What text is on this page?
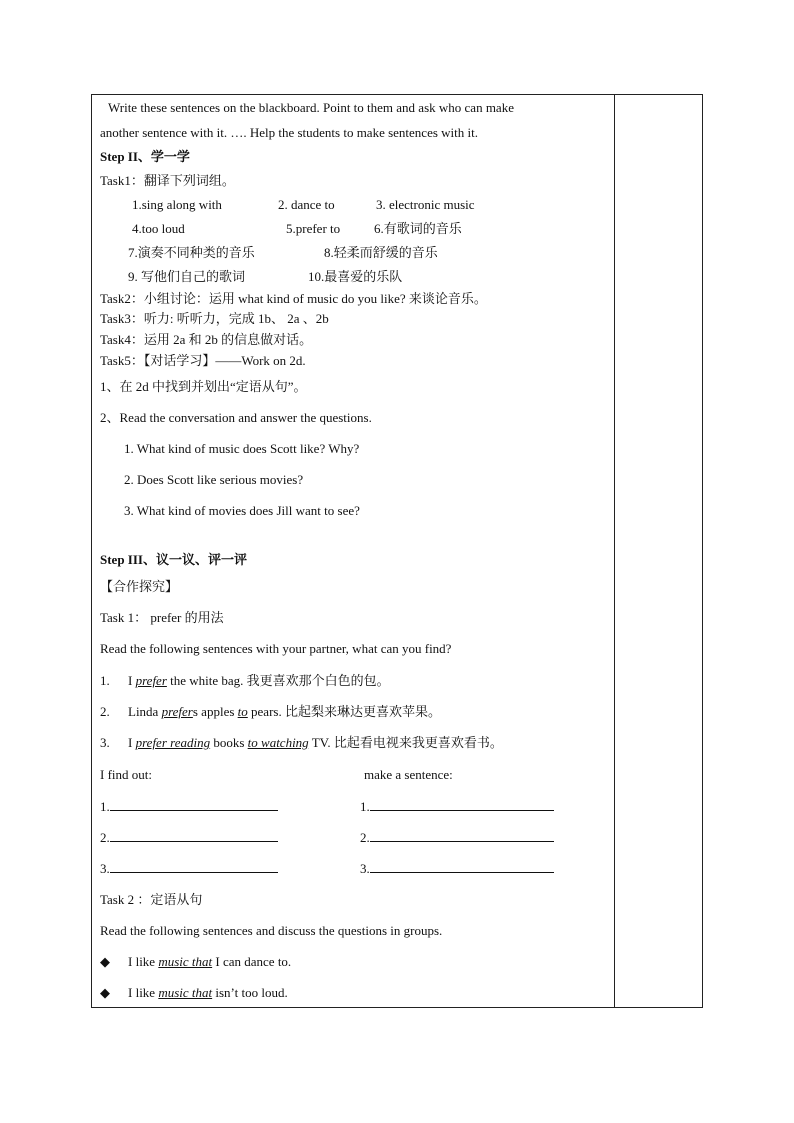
Write these sentences on the blackboard. Point to them and ask who can make
another sentence with it. …. Help the students to make sentences with it.
Step II、学一学
Task1：翻译下列词组。
1.sing along with	2. dance to	3. electronic music
4.too loud	5.prefer to	6.有歌词的音乐
7.演奏不同种类的音乐	8.轻柔而舒缓的音乐
9. 写他们自己的歌词	10.最喜爱的乐队
Task2：小组讨论：运用 what kind of music do you like? 来谈论音乐。
Task3：听力: 听听力，完成 1b、 2a 、2b
Task4：运用 2a 和 2b 的信息做对话。
Task5：【对话学习】——Work on 2d.
1、在 2d 中找到并划出“定语从句”。
2、Read the conversation and answer the questions.
1. What kind of music does Scott like? Why?
2. Does Scott like serious movies?
3. What kind of movies does Jill want to see?
Step III、议一议、评一评
【合作探究】
Task 1： prefer 的用法
Read the following sentences with your partner, what can you find?
1. I prefer the white bag. 我更喜欢那个白色的包。
2. Linda prefers apples to pears. 比起梨来琳达更喜欢苹果。
3. I prefer reading books to watching TV. 比起看电视来我更喜欢看书。
I find out:	make a sentence:
1.	1.
2.	2.
3.	3.
Task 2 ：定语从句
Read the following sentences and discuss the questions in groups.
◆ I like music that I can dance to.
◆ I like music that isn’t too loud.
